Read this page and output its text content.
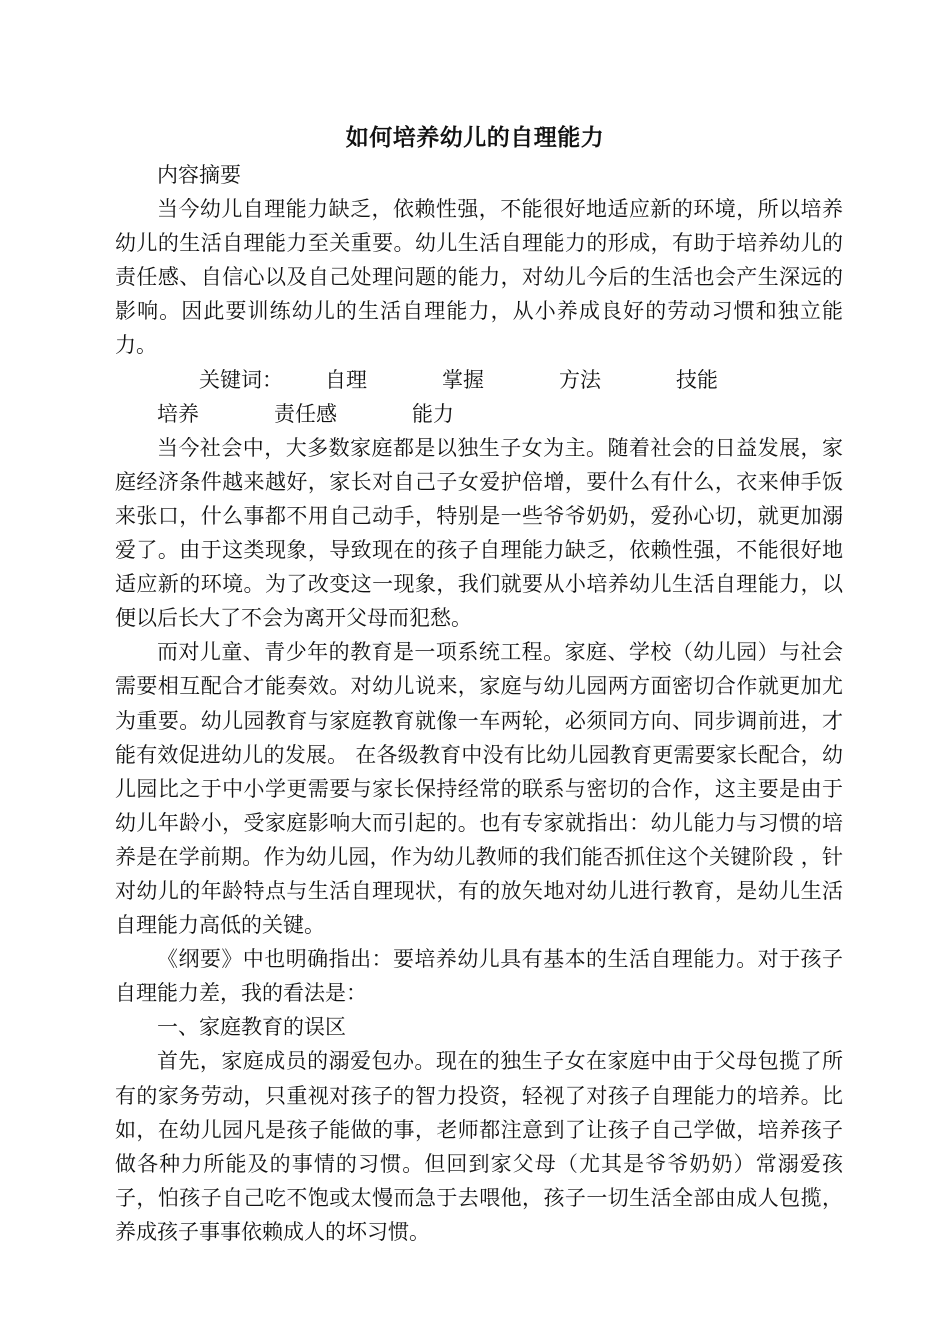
如何培养幼儿的自理能力

内容摘要

当今幼儿自理能力缺乏，依赖性强，不能很好地适应新的环境，所以培养幼儿的生活自理能力至关重要。幼儿生活自理能力的形成，有助于培养幼儿的责任感、自信心以及自己处理问题的能力，对幼儿今后的生活也会产生深远的影响。因此要训练幼儿的生活自理能力，从小养成良好的劳动习惯和独立能力。

关键词： 自理	掌握	方法	技能培养	责任感	能力

当今社会中，大多数家庭都是以独生子女为主。随着社会的日益发展，家庭经济条件越来越好，家长对自己子女爱护倍增，要什么有什么，衣来伸手饭来张口，什么事都不用自己动手，特别是一些爷爷奶奶，爱孙心切，就更加溺爱了。由于这类现象，导致现在的孩子自理能力缺乏，依赖性强，不能很好地适应新的环境。为了改变这一现象，我们就要从小培养幼儿生活自理能力，以便以后长大了不会为离开父母而犯愁。

而对儿童、青少年的教育是一项系统工程。家庭、学校（幼儿园）与社会需要相互配合才能奏效。对幼儿说来，家庭与幼儿园两方面密切合作就更加尤为重要。幼儿园教育与家庭教育就像一车两轮，必须同方向、同步调前进，才能有效促进幼儿的发展。 在各级教育中没有比幼儿园教育更需要家长配合，幼儿园比之于中小学更需要与家长保持经常的联系与密切的合作，这主要是由于幼儿年龄小，受家庭影响大而引起的。也有专家就指出：幼儿能力与习惯的培养是在学前期。作为幼儿园，作为幼儿教师的我们能否抓住这个关键阶段 ，针对幼儿的年龄特点与生活自理现状，有的放矢地对幼儿进行教育，是幼儿生活自理能力高低的关键。

《纲要》中也明确指出：要培养幼儿具有基本的生活自理能力。对于孩子自理能力差，我的看法是：

一、家庭教育的误区

首先，家庭成员的溺爱包办。现在的独生子女在家庭中由于父母包揽了所有的家务劳动，只重视对孩子的智力投资，轻视了对孩子自理能力的培养。比如，在幼儿园凡是孩子能做的事，老师都注意到了让孩子自己学做，培养孩子做各种力所能及的事情的习惯。但回到家父母（尤其是爷爷奶奶）常溺爱孩子，怕孩子自己吃不饱或太慢而急于去喂他，孩子一切生活全部由成人包揽，养成孩子事事依赖成人的坏习惯。
